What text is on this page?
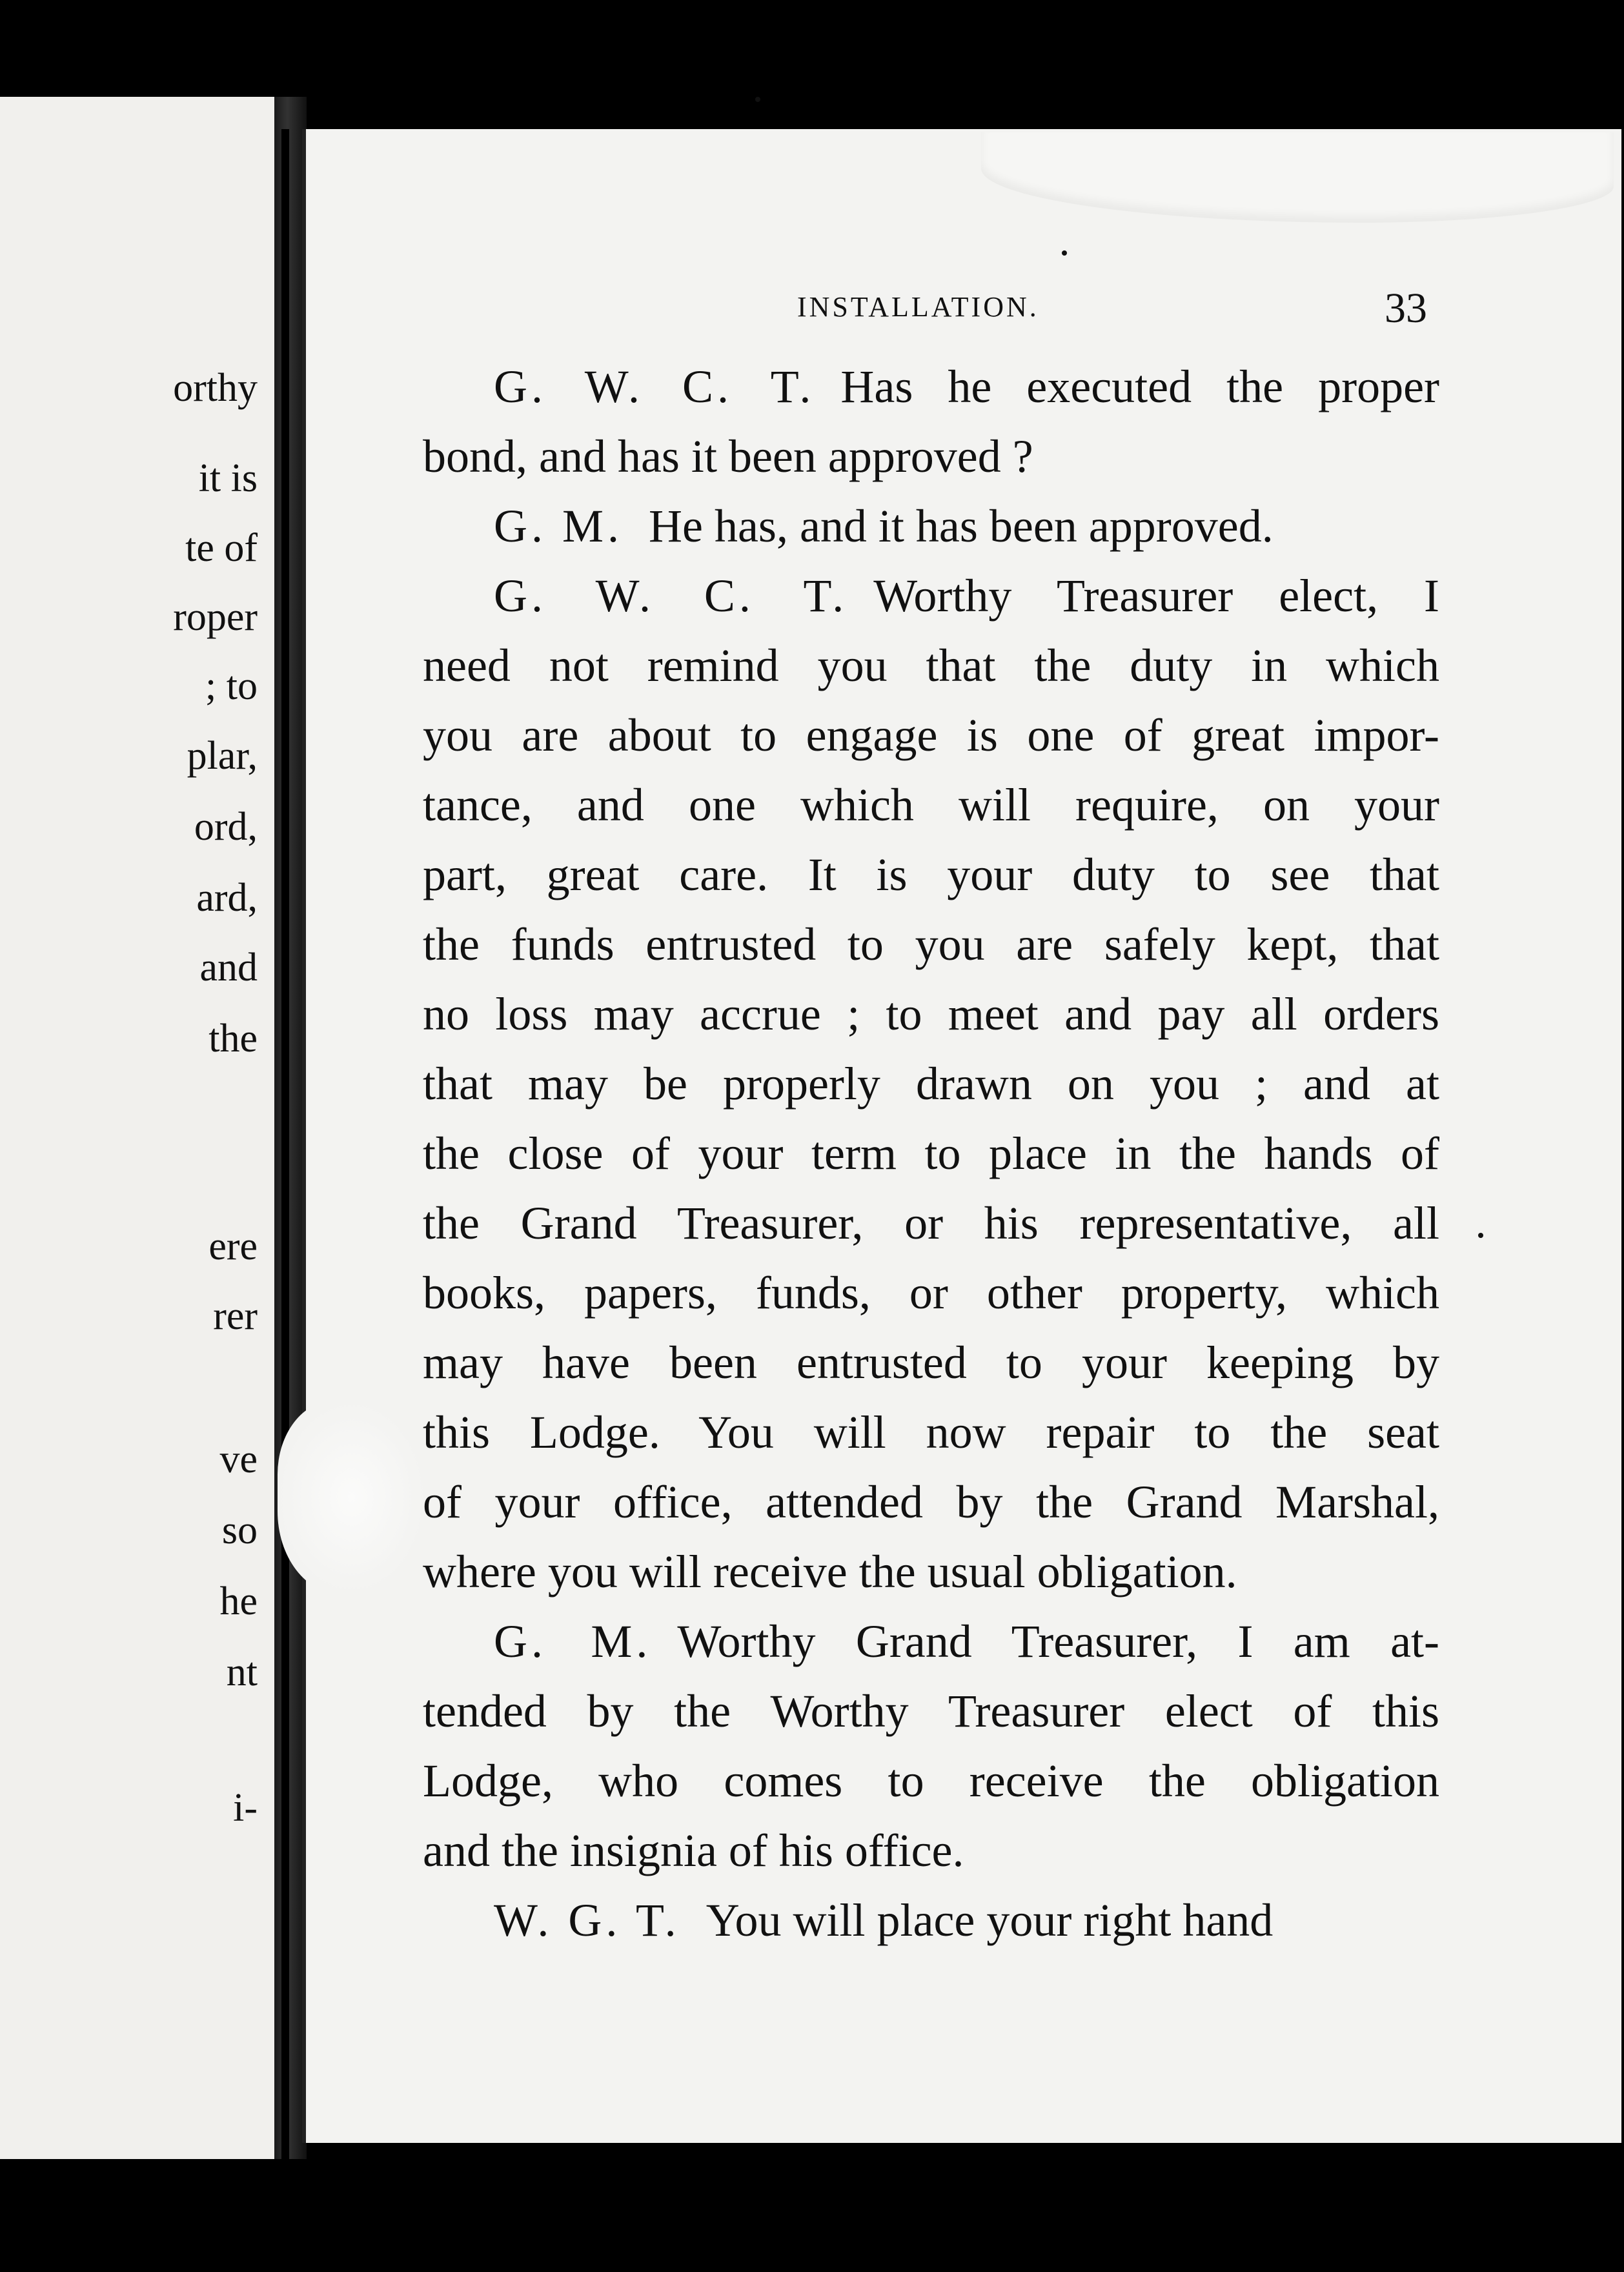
orthy
it is
te of
roper
; to
plar,
ord,
ard,
and
the
ere
rer
ve
so
he
nt
i-
INSTALLATION.	33
G. W. C. T. Has he executed the proper
bond, and has it been approved ?
G. M. He has, and it has been approved.
G. W. C. T. Worthy Treasurer elect, I
need not remind you that the duty in which
you are about to engage is one of great impor-
tance, and one which will require, on your
part, great care. It is your duty to see that
the funds entrusted to you are safely kept, that
no loss may accrue ; to meet and pay all orders
that may be properly drawn on you ; and at
the close of your term to place in the hands of
the Grand Treasurer, or his representative, all
books, papers, funds, or other property, which
may have been entrusted to your keeping by
this Lodge. You will now repair to the seat
of your office, attended by the Grand Marshal,
where you will receive the usual obligation.
G. M. Worthy Grand Treasurer, I am at-
tended by the Worthy Treasurer elect of this
Lodge, who comes to receive the obligation
and the insignia of his office.
W. G. T. You will place your right hand
